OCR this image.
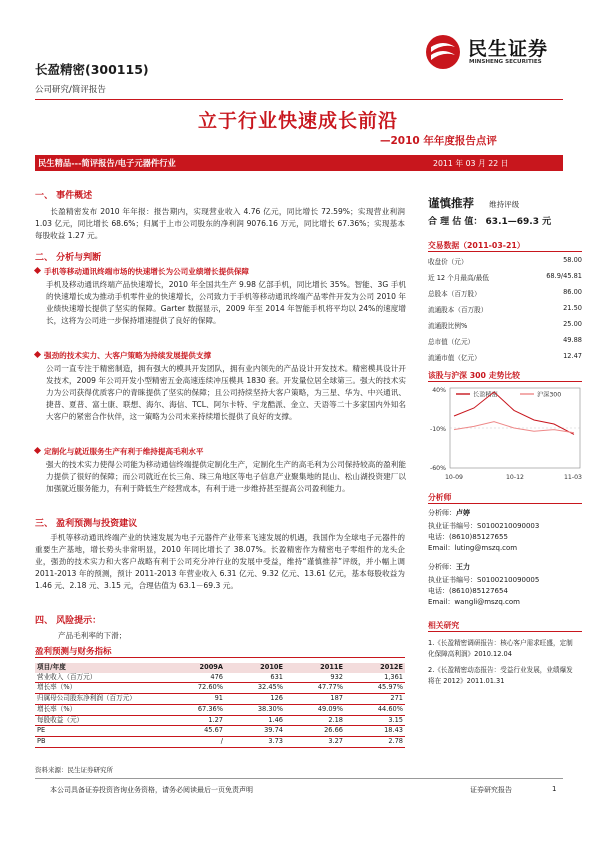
长盈精密(300115)
公司研究/简评报告
民生证券
MINSHENG SECURITIES
立于行业快速成长前沿
—2010 年年度报告点评
民生精品---简评报告/电子元器件行业	2011 年 03 月 22 日
一、 事件概述
长盈精密发布 2010 年年报：报告期内，实现营业收入 4.76 亿元，同比增长 72.59%；实现营业利润 1.03 亿元，同比增长 68.6%；归属于上市公司股东的净利润 9076.16 万元，同比增长 67.36%；实现基本每股收益 1.27 元。
二、 分析与判断
手机等移动通讯终端市场的快速增长为公司业绩增长提供保障
手机及移动通讯终端产品快速增长，2010 年全国共生产 9.98 亿部手机，同比增长 35%。智能、3G 手机的快速增长成为推动手机零件业的快速增长，公司致力于手机等移动通讯终端产品零件开发为公司 2010 年业绩快速增长提供了坚实的保障。Garter 数据显示，2009 年至 2014 年智能手机将平均以 24%的速度增长，这将为公司进一步保持增速提供了良好的保障。
强劲的技术实力、大客户策略为持续发展提供支撑
公司一直专注于精密制造，拥有强大的模具开发团队，拥有业内领先的产品设计开发技术。精密模具设计开发技术，2009 年公司开发小型精密五金高速连续冲压模具 1830 套。开发量位居全球第三。强大的技术实力为公司获得优质客户的青睐提供了坚实的保障；且公司持续坚持大客户策略，为三星、华为、中兴通讯、捷普、夏普、富士康、联想、海尔、海信、TCL、阿尔卡特、宇龙酷派、金立、天语等二十多家国内外知名大客户的紧密合作伙伴，这一策略为公司未来持续增长提供了良好的支撑。
定制化与就近服务生产有利于维持提高毛利水平
强大的技术实力使得公司能为移动通信终端提供定制化生产，定制化生产的高毛利为公司保持较高的盈利能力提供了很好的保障；而公司就近在长三角、珠三角地区等电子信息产业聚集地的昆山、松山湖投资建厂以加强就近服务能力，有利于降低生产经营成本，有利于进一步维持甚至提高公司盈利能力。
三、 盈利预测与投资建议
手机等移动通讯终端产业的快速发展为电子元器件产业带来飞速发展的机遇，我国作为全球电子元器件的重要生产基地，增长势头非常明显，2010 年同比增长了 38.07%。长盈精密作为精密电子零组件的龙头企业，强劲的技术实力和大客户战略有利于公司充分冲行业的发展中受益，维持“谨慎推荐”评级，并小幅上调 2011-2013 年的预测，预计 2011-2013 年营业收入 6.31 亿元、9.32 亿元、13.61 亿元，基本每股收益为 1.46 元、2.18 元、3.15 元，合理估值为 63.1－69.3 元。
四、 风险提示：
产品毛利率的下滑；
盈利预测与财务指标
项目/年度	2009A	2010E	2011E	2012E
营业收入（百万元）	476	631	932	1,361
增长率（%）	72.60%	32.45%	47.77%	45.97%
归属母公司股东净利润（百万元）	91	126	187	271
增长率（%）	67.36%	38.30%	49.09%	44.60%
每股收益（元）	1.27	1.46	2.18	3.15
PE	45.67	39.74	26.66	18.43
PB	/	3.73	3.27	2.78
资料来源：民生证券研究所
谨慎推荐 维持评级
合 理 估 值： 63.1—69.3 元
交易数据（2011-03-21）
收盘价（元）	58.00
近 12 个月最高/最低	68.9/45.81
总股本（百万股）	86.00
流通股本（百万股）	21.50
流通股比例%	25.00
总市值（亿元）	49.88
流通市值（亿元）	12.47
该股与沪深 300 走势比较
40%
-10%
-60%
10-09	10-12	11-03
长盈精密	沪深300
分析师
分析师：卢婷
执业证书编号：S0100210090003
电话：(8610)85127655
Email：luting@mszq.com
分析师：王力
执业证书编号：S0100210090005
电话：(8610)85127654
Email：wangli@mszq.com
相关研究
1.《长盈精密调研报告：核心客户需求旺盛，定制化保障高利润》2010.12.04
2.《长盈精密动态报告：受益行业发展，业绩爆发将在 2012》2011.01.31
本公司具备证券投资咨询业务资格，请务必阅读最后一页免责声明	证券研究报告	1
